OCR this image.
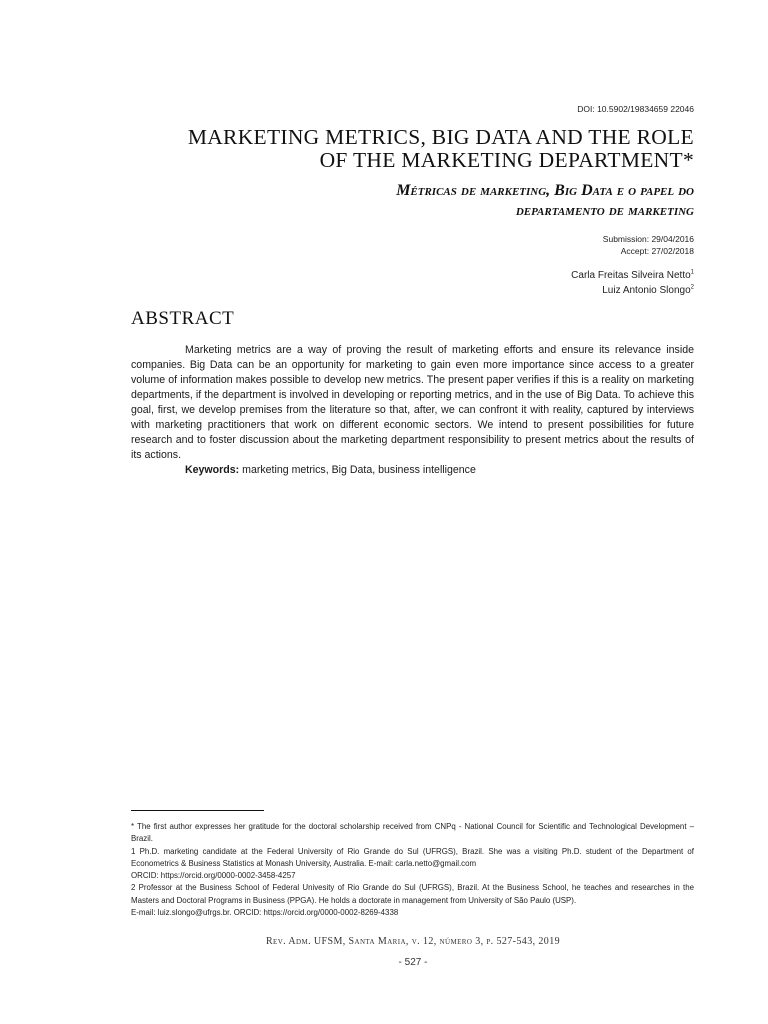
DOI: 10.5902/19834659 22046
MARKETING METRICS, BIG DATA AND THE ROLE
OF THE MARKETING DEPARTMENT*
Métricas de marketing, Big Data e o papel do
departamento de marketing
Submission: 29/04/2016
Accept: 27/02/2018
Carla Freitas Silveira Netto$^1$
Luiz Antonio Slongo$^2$
ABSTRACT

Marketing metrics are a way of proving the result of marketing efforts and ensure its relevance inside companies. Big Data can be an opportunity for marketing to gain even more importance since access to a greater volume of information makes possible to develop new metrics. The present paper verifies if this is a reality on marketing departments, if the department is involved in developing or reporting metrics, and in the use of Big Data. To achieve this goal, first, we develop premises from the literature so that, after, we can confront it with reality, captured by interviews with marketing practitioners that work on different economic sectors. We intend to present possibilities for future research and to foster discussion about the marketing department responsibility to present metrics about the results of its actions.

Keywords: marketing metrics, Big Data, business intelligence

* The first author expresses her gratitude for the doctoral scholarship received from CNPq - National Council for Scientific and Technological Development – Brazil.

1 Ph.D. marketing candidate at the Federal University of Rio Grande do Sul (UFRGS), Brazil. She was a visiting Ph.D. student of the Department of Econometrics & Business Statistics at Monash University, Australia. E-mail: carla.netto@gmail.com

ORCID: https://orcid.org/0000-0002-3458-4257

2 Professor at the Business School of Federal Univesity of Rio Grande do Sul (UFRGS), Brazil. At the Business School, he teaches and researches in the Masters and Doctoral Programs in Business (PPGA). He holds a doctorate in management from University of São Paulo (USP).

E-mail: luiz.slongo@ufrgs.br. ORCID: https://orcid.org/0000-0002-8269-4338

Rev. Adm. UFSM, Santa Maria, v. 12, número 3, p. 527-543, 2019
- 527 -
